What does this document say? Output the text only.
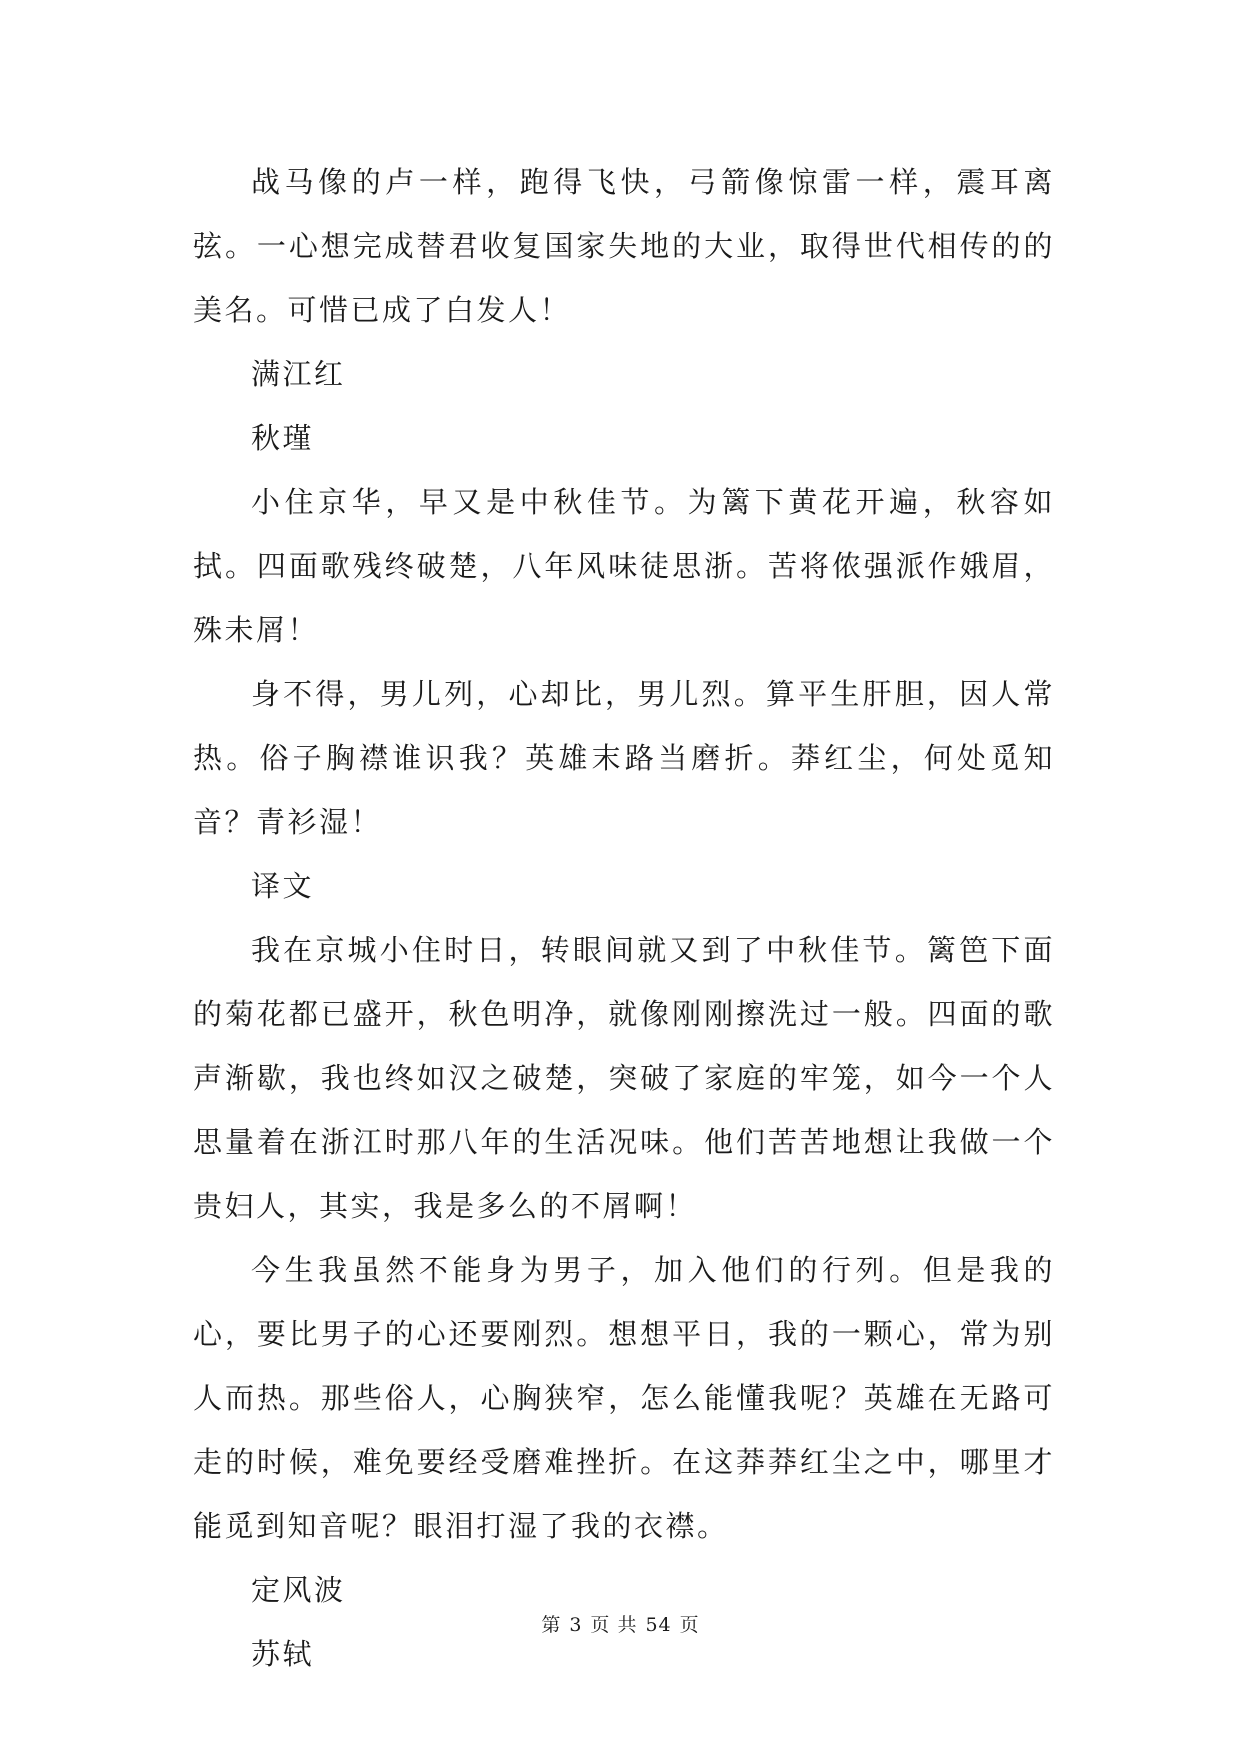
战马像的卢一样，跑得飞快，弓箭像惊雷一样，震耳离弦。一心想完成替君收复国家失地的大业，取得世代相传的的美名。可惜已成了白发人！

满江红

秋瑾

小住京华，早又是中秋佳节。为篱下黄花开遍，秋容如拭。四面歌残终破楚，八年风味徒思浙。苦将侬强派作娥眉，殊未屑！

身不得，男儿列，心却比，男儿烈。算平生肝胆，因人常热。俗子胸襟谁识我？英雄末路当磨折。莽红尘，何处觅知音？青衫湿！

译文

我在京城小住时日，转眼间就又到了中秋佳节。篱笆下面的菊花都已盛开，秋色明净，就像刚刚擦洗过一般。四面的歌声渐歇，我也终如汉之破楚，突破了家庭的牢笼，如今一个人思量着在浙江时那八年的生活况味。他们苦苦地想让我做一个贵妇人，其实，我是多么的不屑啊！

今生我虽然不能身为男子，加入他们的行列。但是我的心，要比男子的心还要刚烈。想想平日，我的一颗心，常为别人而热。那些俗人，心胸狭窄，怎么能懂我呢？英雄在无路可走的时候，难免要经受磨难挫折。在这莽莽红尘之中，哪里才能觅到知音呢？眼泪打湿了我的衣襟。

定风波

苏轼

第 3 页 共 54 页
